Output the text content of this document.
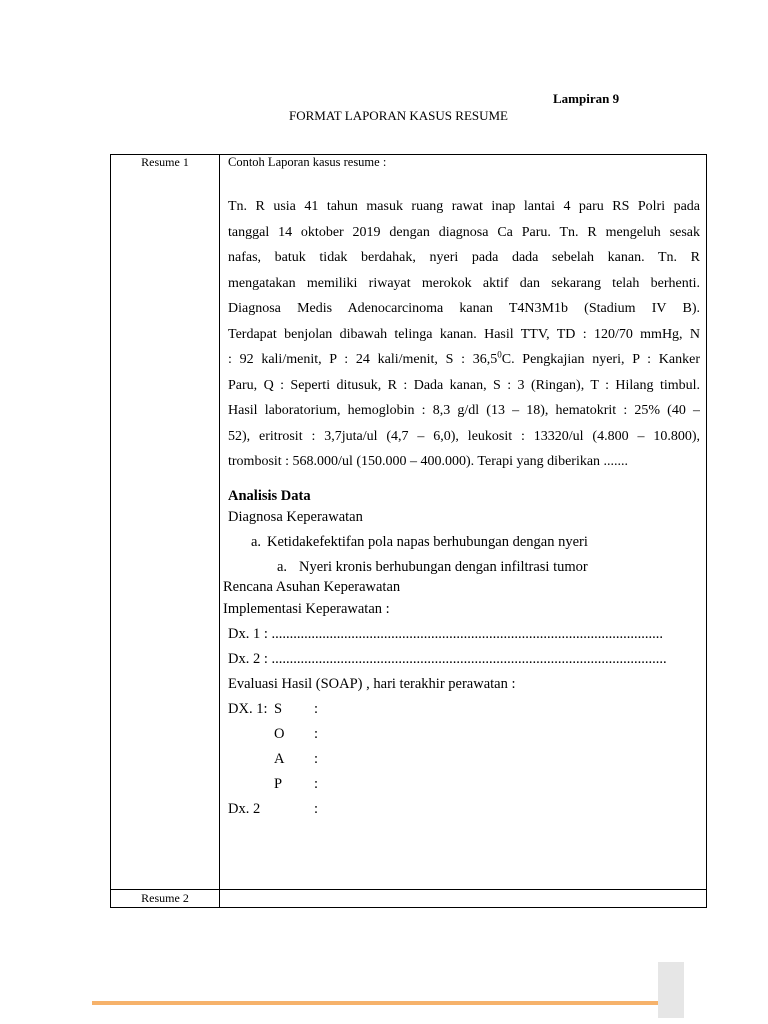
Lampiran 9
FORMAT LAPORAN KASUS RESUME
Resume 1
Resume 2
Contoh Laporan kasus resume :
Tn. R usia 41 tahun masuk ruang rawat inap lantai 4 paru RS Polri pada
tanggal 14 oktober 2019 dengan diagnosa Ca Paru. Tn. R mengeluh sesak
nafas, batuk tidak berdahak, nyeri pada dada sebelah kanan. Tn. R
mengatakan memiliki riwayat merokok aktif dan sekarang telah berhenti.
Diagnosa Medis Adenocarcinoma kanan T4N3M1b (Stadium IV B).
Terdapat benjolan dibawah telinga kanan. Hasil TTV, TD : 120/70 mmHg, N
: 92 kali/menit, P : 24 kali/menit, S : 36,5$^0$C. Pengkajian nyeri, P : Kanker
Paru, Q : Seperti ditusuk, R : Dada kanan, S : 3 (Ringan), T : Hilang timbul.
Hasil laboratorium, hemoglobin : 8,3 g/dl (13 – 18), hematokrit : 25% (40 –
52), eritrosit : 3,7juta/ul (4,7 – 6,0), leukosit : 13320/ul (4.800 – 10.800),
trombosit : 568.000/ul (150.000 – 400.000). Terapi yang diberikan .......
Analisis Data
Diagnosa Keperawatan
a. Ketidakefektifan pola napas berhubungan dengan nyeri
a. Nyeri kronis berhubungan dengan infiltrasi tumor
Rencana Asuhan Keperawatan
Implementasi Keperawatan :
Dx. 1 : ............................................................................................................
Dx. 2 : .............................................................................................................
Evaluasi Hasil (SOAP) , hari terakhir perawatan :
DX. 1: S :
O :
A :
P :
Dx. 2	:
